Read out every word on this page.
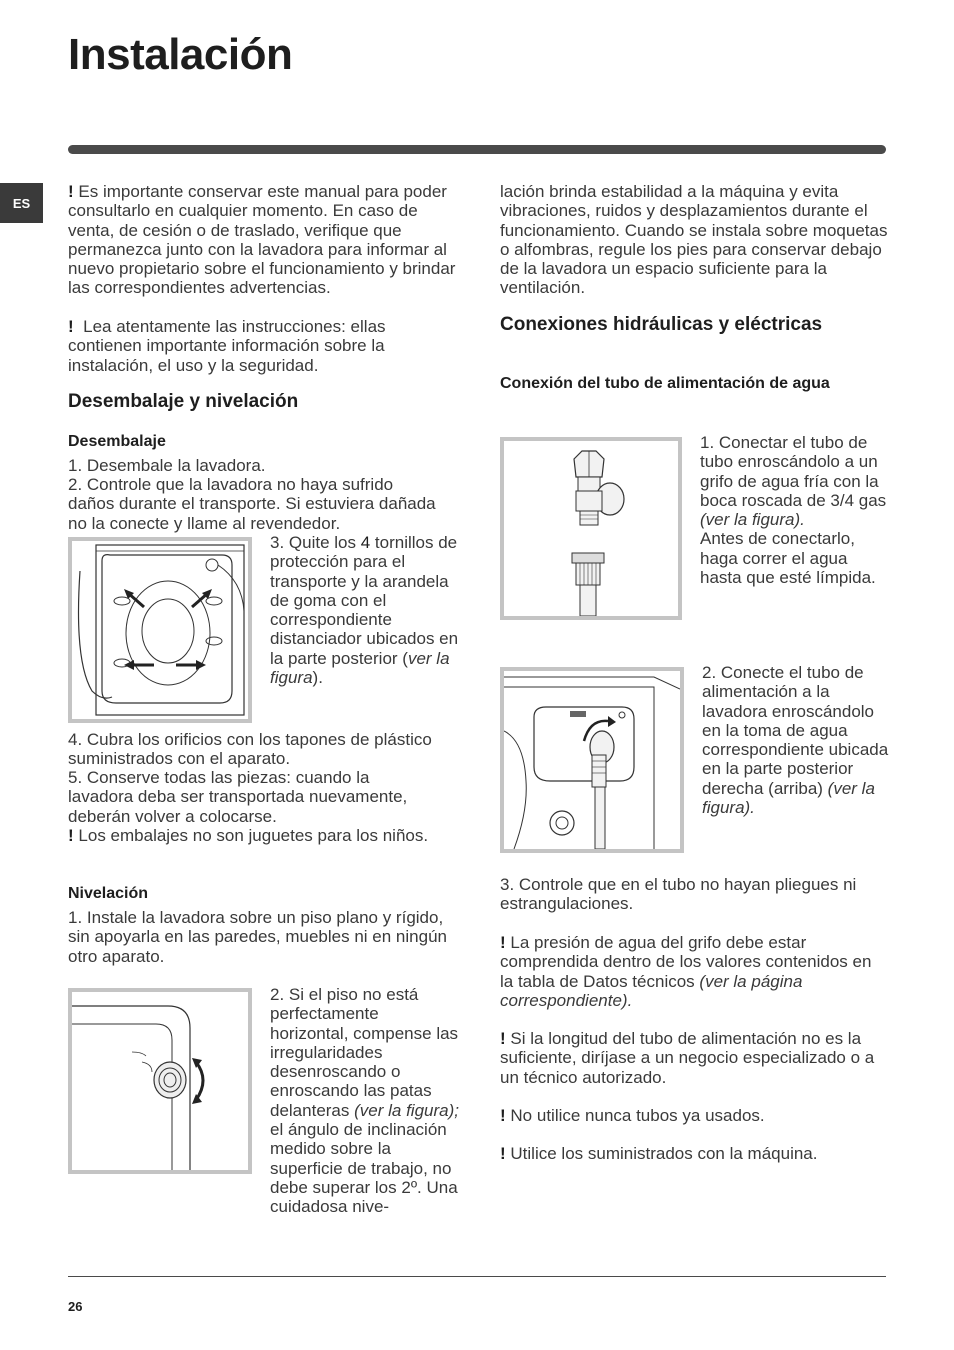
Instalación
ES

! Es importante conservar este manual para poder consultarlo en cualquier momento. En caso de venta, de cesión o de traslado, verifique que permanezca junto con la lavadora para informar al nuevo propietario sobre el funcionamiento y brindar las correspondientes advertencias.

! Lea atentamente las instrucciones: ellas contienen importante información sobre la instalación, el uso y la seguridad.

Desembalaje y nivelación
Desembalaje

1. Desembale la lavadora.

2. Controle que la lavadora no haya sufrido daños durante el transporte. Si estuviera dañada no la conecte y llame al revendedor.

3. Quite los 4 tornillos de protección para el transporte y la arandela de goma con el correspondiente distanciador ubicados en la parte posterior (ver la figura).

4. Cubra los orificios con los tapones de plástico suministrados con el aparato.

5. Conserve todas las piezas: cuando la lavadora deba ser transportada nuevamente, deberán volver a colocarse.

! Los embalajes no son juguetes para los niños.

Nivelación

1. Instale la lavadora sobre un piso plano y rígido, sin apoyarla en las paredes, muebles ni en ningún otro aparato.

2. Si el piso no está perfectamente horizontal, compense las irregularidades desenroscando o enroscando las patas delanteras (ver la figura); el ángulo de inclinación medido sobre la superficie de trabajo, no debe superar los 2º. Una cuidadosa nive-

lación brinda estabilidad a la máquina y evita vibraciones, ruidos y desplazamientos durante el funcionamiento. Cuando se instala sobre moquetas o alfombras, regule los pies para conservar debajo de la lavadora un espacio suficiente para la ventilación.

Conexiones hidráulicas y eléctricas
Conexión del tubo de alimentación de agua

1. Conectar el tubo de tubo enroscándolo a un grifo de agua fría con la boca roscada de 3/4 gas (ver la figura).
Antes de conectarlo, haga correr el agua hasta que esté límpida.

2. Conecte el tubo de alimentación a la lavadora enroscándolo en la toma de agua correspondiente ubicada en la parte posterior derecha (arriba) (ver la figura).

3. Controle que en el tubo no hayan pliegues ni estrangulaciones.

! La presión de agua del grifo debe estar comprendida dentro de los valores contenidos en la tabla de Datos técnicos (ver la página correspondiente).

! Si la longitud del tubo de alimentación no es la suficiente, diríjase a un negocio especializado o a un técnico autorizado.

! No utilice nunca tubos ya usados.

! Utilice los suministrados con la máquina.

26
